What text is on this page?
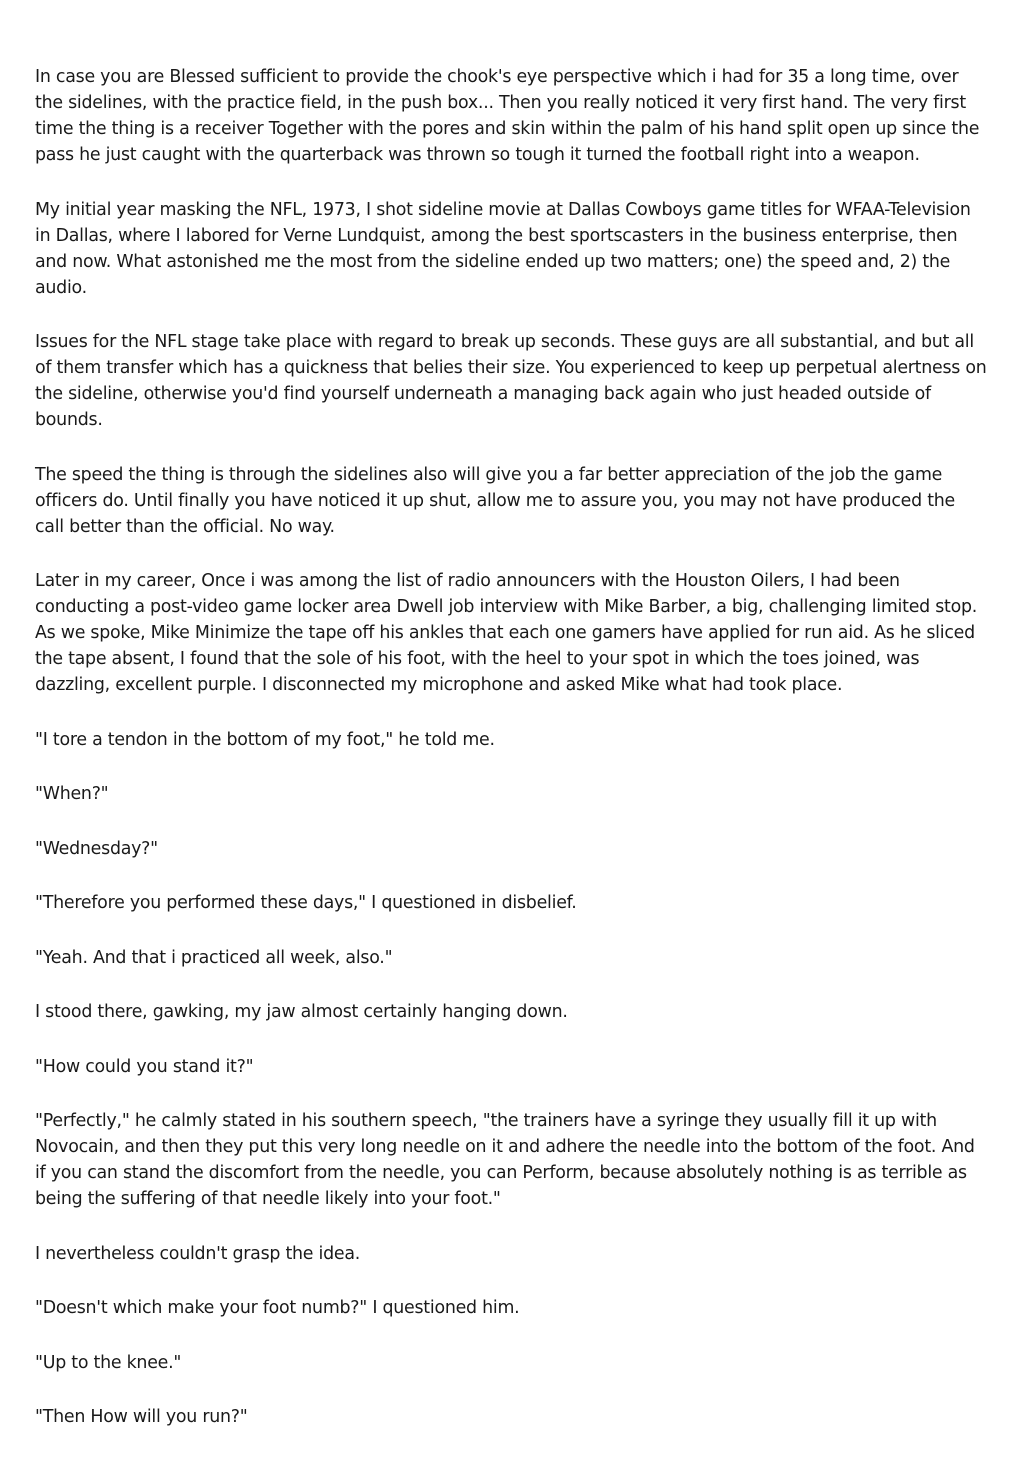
In case you are Blessed sufficient to provide the chook's eye perspective which i had for 35 a long time, over the sidelines, with the practice field, in the push box... Then you really noticed it very first hand. The very first time the thing is a receiver Together with the pores and skin within the palm of his hand split open up since the pass he just caught with the quarterback was thrown so tough it turned the football right into a weapon.

My initial year masking the NFL, 1973, I shot sideline movie at Dallas Cowboys game titles for WFAA-Television in Dallas, where I labored for Verne Lundquist, among the best sportscasters in the business enterprise, then and now. What astonished me the most from the sideline ended up two matters; one) the speed and, 2) the audio.

Issues for the NFL stage take place with regard to break up seconds. These guys are all substantial, and but all of them transfer which has a quickness that belies their size. You experienced to keep up perpetual alertness on the sideline, otherwise you'd find yourself underneath a managing back again who just headed outside of bounds.

The speed the thing is through the sidelines also will give you a far better appreciation of the job the game officers do. Until finally you have noticed it up shut, allow me to assure you, you may not have produced the call better than the official. No way.

Later in my career, Once i was among the list of radio announcers with the Houston Oilers, I had been conducting a post-video game locker area Dwell job interview with Mike Barber, a big, challenging limited stop. As we spoke, Mike Minimize the tape off his ankles that each one gamers have applied for run aid. As he sliced the tape absent, I found that the sole of his foot, with the heel to your spot in which the toes joined, was dazzling, excellent purple. I disconnected my microphone and asked Mike what had took place.

"I tore a tendon in the bottom of my foot," he told me.

"When?"

"Wednesday?"

"Therefore you performed these days," I questioned in disbelief.

"Yeah. And that i practiced all week, also."

I stood there, gawking, my jaw almost certainly hanging down.

"How could you stand it?"

"Perfectly," he calmly stated in his southern speech, "the trainers have a syringe they usually fill it up with Novocain, and then they put this very long needle on it and adhere the needle into the bottom of the foot. And if you can stand the discomfort from the needle, you can Perform, because absolutely nothing is as terrible as being the suffering of that needle likely into your foot."

I nevertheless couldn't grasp the idea.

"Doesn't which make your foot numb?" I questioned him.

"Up to the knee."

"Then How will you run?"
